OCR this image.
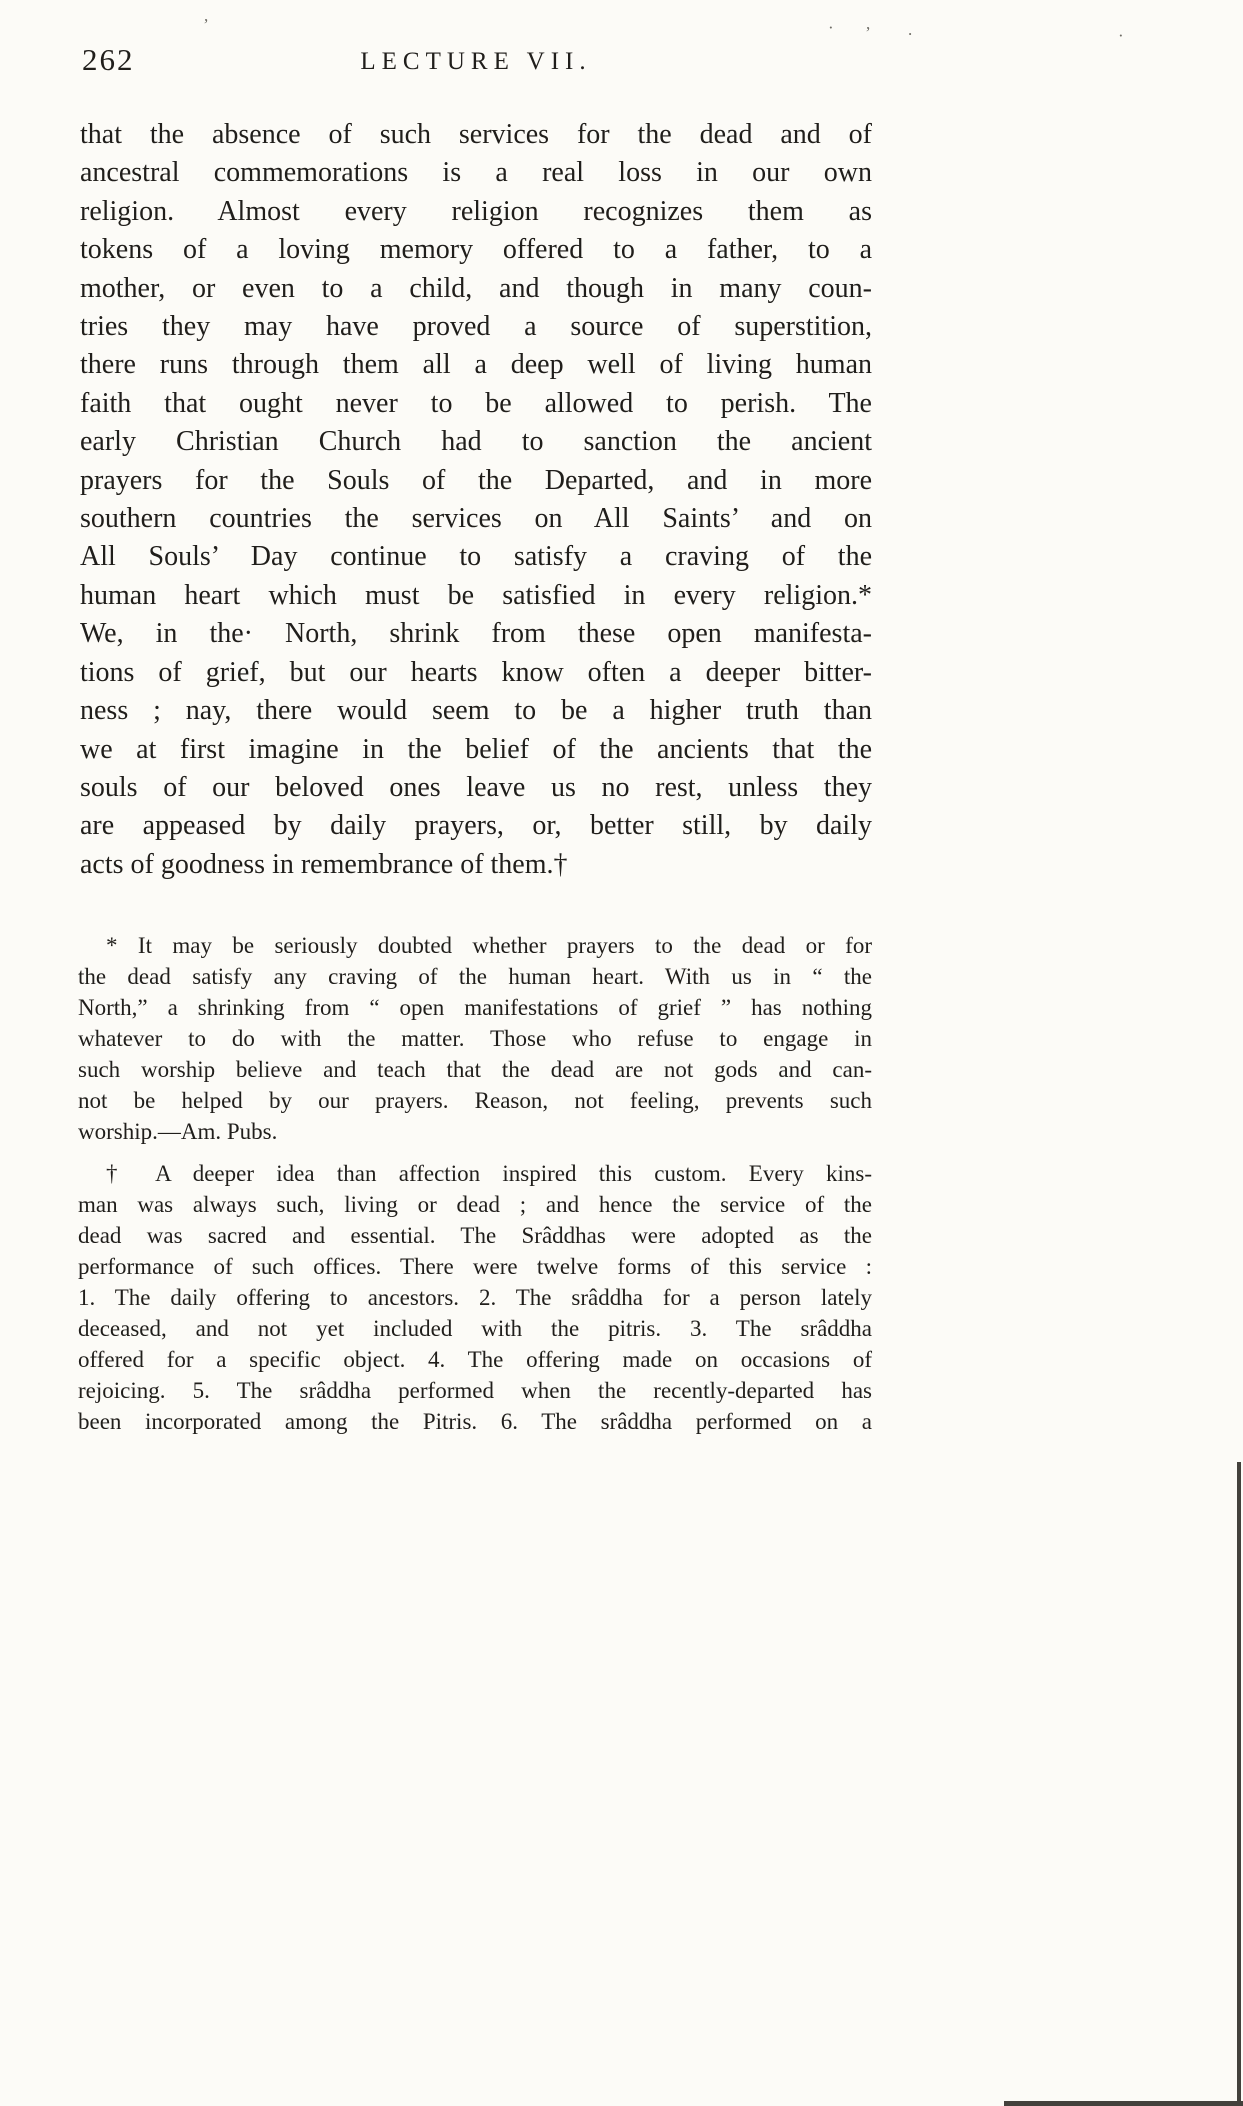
262	LECTURE VII.
that the absence of such services for the dead and of
ancestral commemorations is a real loss in our own
religion. Almost every religion recognizes them as
tokens of a loving memory offered to a father, to a
mother, or even to a child, and though in many coun-
tries they may have proved a source of superstition,
there runs through them all a deep well of living human
faith that ought never to be allowed to perish. The
early Christian Church had to sanction the ancient
prayers for the Souls of the Departed, and in more
southern countries the services on All Saints’ and on
All Souls’ Day continue to satisfy a craving of the
human heart which must be satisfied in every religion.*
We, in the· North, shrink from these open manifesta-
tions of grief, but our hearts know often a deeper bitter-
ness ; nay, there would seem to be a higher truth than
we at first imagine in the belief of the ancients that the
souls of our beloved ones leave us no rest, unless they
are appeased by daily prayers, or, better still, by daily
acts of goodness in remembrance of them.†
* It may be seriously doubted whether prayers to the dead or for
the dead satisfy any craving of the human heart. With us in “ the
North,” a shrinking from “ open manifestations of grief ” has nothing
whatever to do with the matter. Those who refuse to engage in
such worship believe and teach that the dead are not gods and can-
not be helped by our prayers. Reason, not feeling, prevents such
worship.—Am. Pubs.
† A deeper idea than affection inspired this custom. Every kins-
man was always such, living or dead ; and hence the service of the
dead was sacred and essential. The Srâddhas were adopted as the
performance of such offices. There were twelve forms of this service :
1. The daily offering to ancestors. 2. The srâddha for a person lately
deceased, and not yet included with the pitris. 3. The srâddha
offered for a specific object. 4. The offering made on occasions of
rejoicing. 5. The srâddha performed when the recently-departed has
been incorporated among the Pitris. 6. The srâddha performed on a
,
· , .	·
